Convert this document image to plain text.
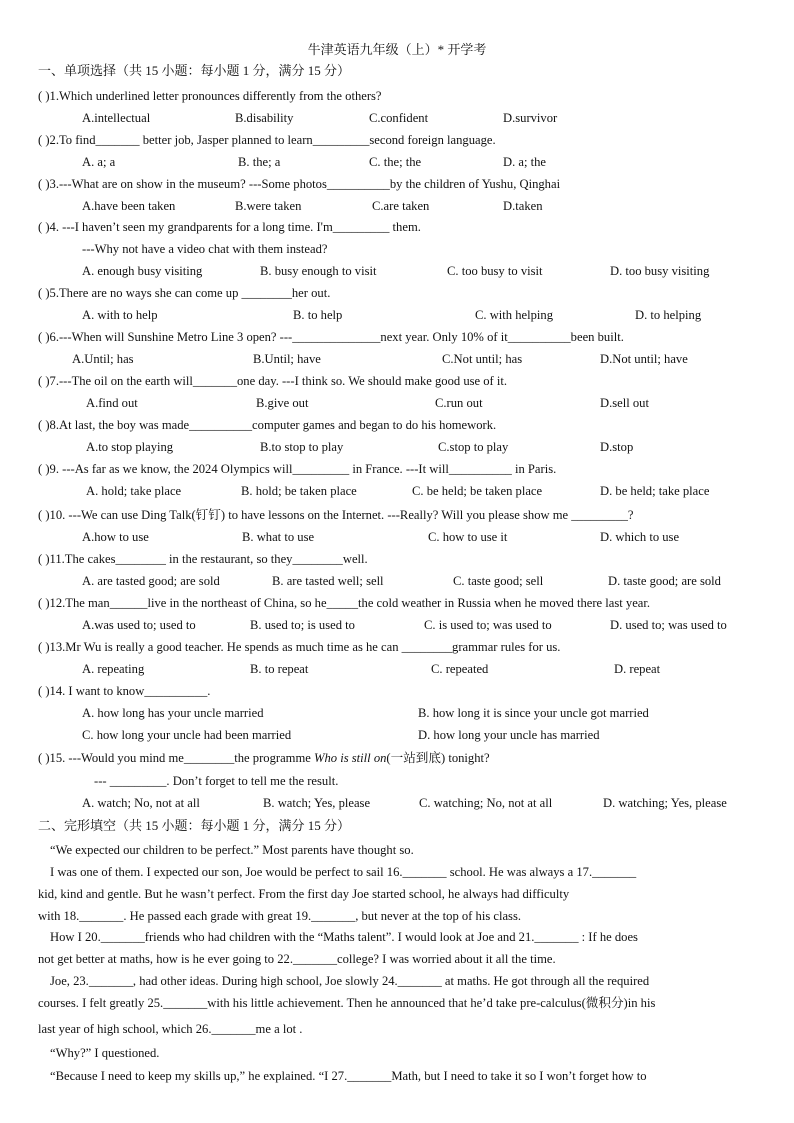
牛津英语九年级（上）* 开学考
一、单项选择（共 15 小题：每小题 1 分，满分 15 分）
( )1.Which underlined letter pronounces differently from the others?
A.intellectual	B.disability	C.confident	D.survivor
( )2.To find_______ better job, Jasper planned to learn_________second foreign language.
A. a; a	B. the; a	C. the; the	D. a; the
( )3.---What are on show in the museum? ---Some photos__________by the children of Yushu, Qinghai
A.have been taken	B.were taken	C.are taken	D.taken
( )4. ---I haven’t seen my grandparents for a long time. I'm_________ them.
---Why not have a video chat with them instead?
A. enough busy visiting	B. busy enough to visit	C. too busy to visit	D. too busy visiting
( )5.There are no ways she can come up ________her out.
A. with to help	B. to help	C. with helping	D. to helping
( )6.---When will Sunshine Metro Line 3 open? ---______________next year. Only 10% of it__________been built.
A.Until; has	B.Until; have	C.Not until; has	D.Not until; have
( )7.---The oil on the earth will_______one day. ---I think so. We should make good use of it.
A.find out	B.give out	C.run out	D.sell out
( )8.At last, the boy was made__________computer games and began to do his homework.
A.to stop playing	B.to stop to play	C.stop to play	D.stop
( )9. ---As far as we know, the 2024 Olympics will_________ in France. ---It will__________ in Paris.
A. hold; take place	B. hold; be taken place	C. be held; be taken place	D. be held; take place
( )10. ---We can use Ding Talk(钉钉) to have lessons on the Internet. ---Really? Will you please show me _________?
A.how to use	B. what to use	C. how to use it	D. which to use
( )11.The cakes________ in the restaurant, so they________well.
A. are tasted good; are sold	B. are tasted well; sell	C. taste good; sell	D. taste good; are sold
( )12.The man______live in the northeast of China, so he_____the cold weather in Russia when he moved there last year.
A.was used to; used to	B. used to; is used to	C. is used to; was used to	D. used to; was used to
( )13.Mr Wu is really a good teacher. He spends as much time as he can ________grammar rules for us.
A. repeating	B. to repeat	C. repeated	D. repeat
( )14. I want to know__________.
A. how long has your uncle married	B. how long it is since your uncle got married
C. how long your uncle had been married	D. how long your uncle has married
( )15. ---Would you mind me________the programme Who is still on(一站到底) tonight?
--- _________. Don’t forget to tell me the result.
A. watch; No, not at all	B. watch; Yes, please	C. watching; No, not at all	D. watching; Yes, please
二、完形填空（共 15 小题：每小题 1 分，满分 15 分）
“We expected our children to be perfect.” Most parents have thought so.
I was one of them. I expected our son, Joe would be perfect to sail 16._______ school. He was always a 17._______
kid, kind and gentle. But he wasn’t perfect. From the first day Joe started school, he always had difficulty
with 18._______. He passed each grade with great 19._______, but never at the top of his class.
How I 20._______friends who had children with the “Maths talent”. I would look at Joe and 21._______ : If he does
not get better at maths, how is he ever going to 22._______college? I was worried about it all the time.
Joe, 23._______, had other ideas. During high school, Joe slowly 24._______ at maths. He got through all the required
courses. I felt greatly 25._______with his little achievement. Then he announced that he’d take pre-calculus(微积分)in his
last year of high school, which 26._______me a lot .
“Why?” I questioned.
“Because I need to keep my skills up,” he explained. “I 27._______Math, but I need to take it so I won’t forget how to
